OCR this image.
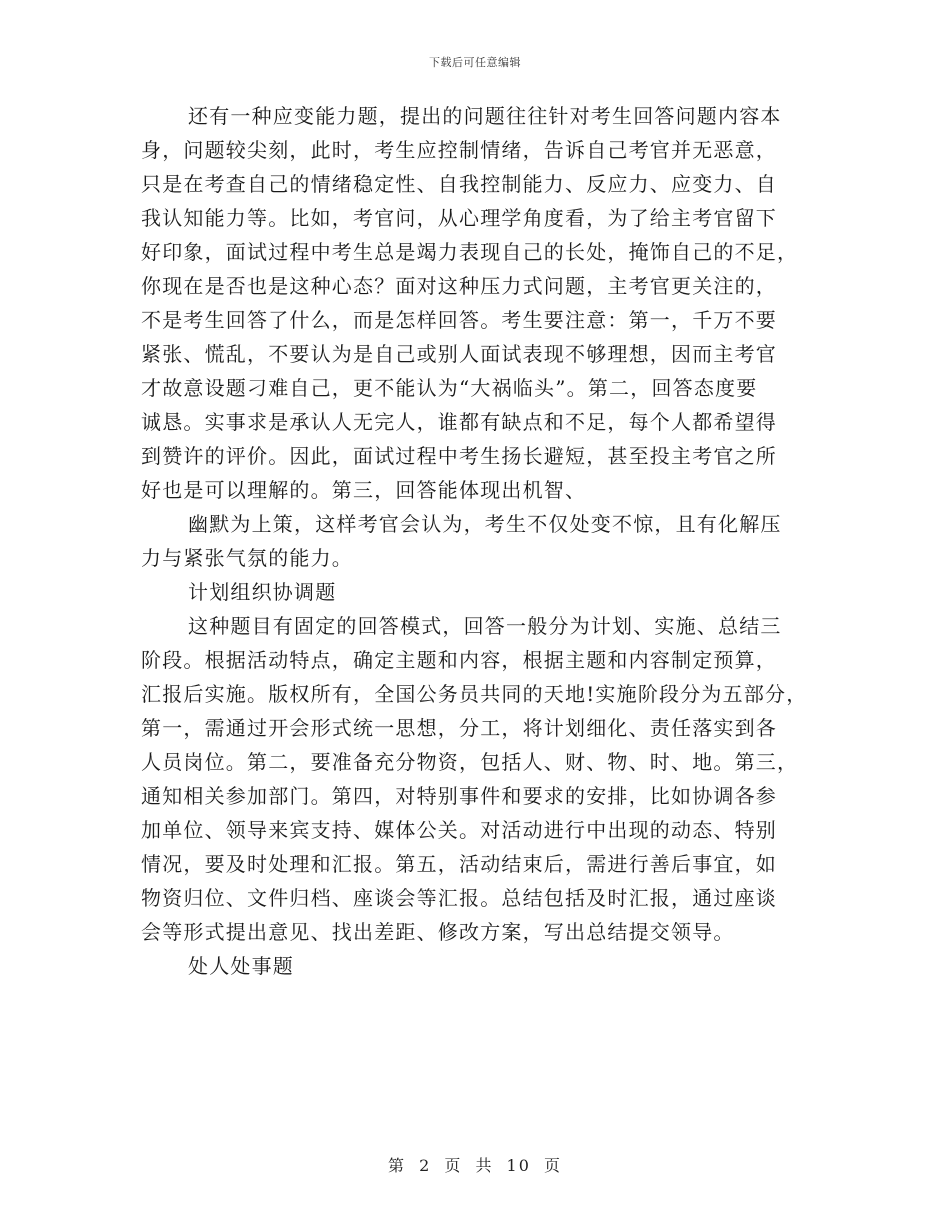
下载后可任意编辑
还有一种应变能力题，提出的问题往往针对考生回答问题内容本
身，问题较尖刻，此时，考生应控制情绪，告诉自己考官并无恶意，
只是在考查自己的情绪稳定性、自我控制能力、反应力、应变力、自
我认知能力等。比如，考官问，从心理学角度看，为了给主考官留下
好印象，面试过程中考生总是竭力表现自己的长处，掩饰自己的不足，
你现在是否也是这种心态？面对这种压力式问题，主考官更关注的，
不是考生回答了什么，而是怎样回答。考生要注意：第一，千万不要
紧张、慌乱，不要认为是自己或别人面试表现不够理想，因而主考官
才故意设题刁难自己，更不能认为“大祸临头”。第二，回答态度要
诚恳。实事求是承认人无完人，谁都有缺点和不足，每个人都希望得
到赞许的评价。因此，面试过程中考生扬长避短，甚至投主考官之所
好也是可以理解的。第三，回答能体现出机智、
幽默为上策，这样考官会认为，考生不仅处变不惊，且有化解压
力与紧张气氛的能力。
计划组织协调题
这种题目有固定的回答模式，回答一般分为计划、实施、总结三
阶段。根据活动特点，确定主题和内容，根据主题和内容制定预算，
汇报后实施。版权所有，全国公务员共同的天地!实施阶段分为五部分，
第一，需通过开会形式统一思想，分工，将计划细化、责任落实到各
人员岗位。第二，要准备充分物资，包括人、财、物、时、地。第三，
通知相关参加部门。第四，对特别事件和要求的安排，比如协调各参
加单位、领导来宾支持、媒体公关。对活动进行中出现的动态、特别
情况，要及时处理和汇报。第五，活动结束后，需进行善后事宜，如
物资归位、文件归档、座谈会等汇报。总结包括及时汇报，通过座谈
会等形式提出意见、找出差距、修改方案，写出总结提交领导。
处人处事题
第 2 页 共 10 页
